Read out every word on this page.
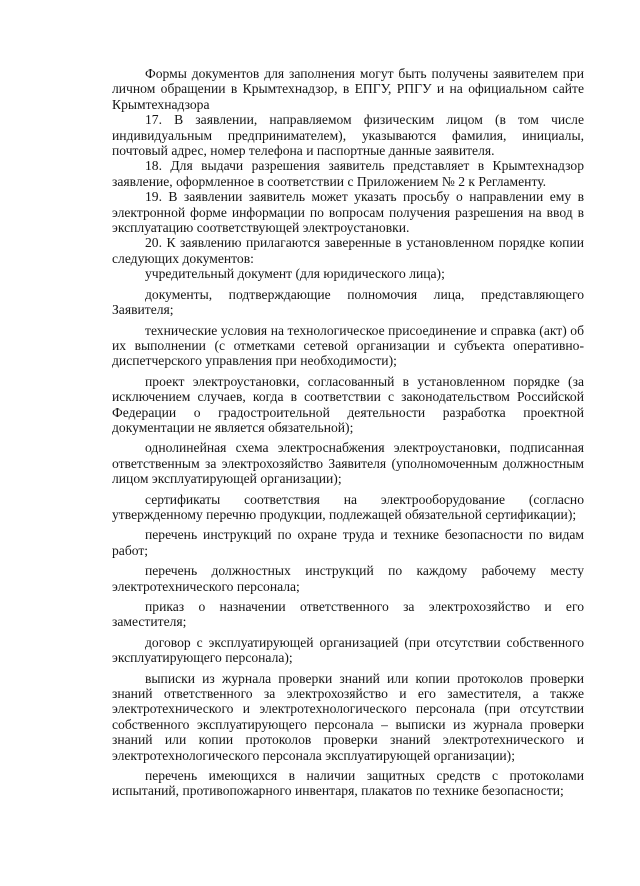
Формы документов для заполнения могут быть получены заявителем при личном обращении в Крымтехнадзор, в ЕПГУ, РПГУ и на официальном сайте Крымтехнадзора

17. В заявлении, направляемом физическим лицом (в том числе индивидуальным предпринимателем), указываются фамилия, инициалы, почтовый адрес, номер телефона и паспортные данные заявителя.

18. Для выдачи разрешения заявитель представляет в Крымтехнадзор заявление, оформленное в соответствии с Приложением № 2 к Регламенту.

19. В заявлении заявитель может указать просьбу о направлении ему в электронной форме информации по вопросам получения разрешения на ввод в эксплуатацию соответствующей электроустановки.

20. К заявлению прилагаются заверенные в установленном порядке копии следующих документов:

учредительный документ (для юридического лица);

документы, подтверждающие полномочия лица, представляющего Заявителя;

технические условия на технологическое присоединение и справка (акт) об их выполнении (с отметками сетевой организации и субъекта оперативно-диспетчерского управления при необходимости);

проект электроустановки, согласованный в установленном порядке (за исключением случаев, когда в соответствии с законодательством Российской Федерации о градостроительной деятельности разработка проектной документации не является обязательной);

однолинейная схема электроснабжения электроустановки, подписанная ответственным за электрохозяйство Заявителя (уполномоченным должностным лицом эксплуатирующей организации);

сертификаты соответствия на электрооборудование (согласно утвержденному перечню продукции, подлежащей обязательной сертификации);

перечень инструкций по охране труда и технике безопасности по видам работ;

перечень должностных инструкций по каждому рабочему месту электротехнического персонала;

приказ о назначении ответственного за электрохозяйство и его заместителя;

договор с эксплуатирующей организацией (при отсутствии собственного эксплуатирующего персонала);

выписки из журнала проверки знаний или копии протоколов проверки знаний ответственного за электрохозяйство и его заместителя, а также электротехнического и электротехнологического персонала (при отсутствии собственного эксплуатирующего персонала – выписки из журнала проверки знаний или копии протоколов проверки знаний электротехнического и электротехнологического персонала эксплуатирующей организации);

перечень имеющихся в наличии защитных средств с протоколами испытаний, противопожарного инвентаря, плакатов по технике безопасности;
